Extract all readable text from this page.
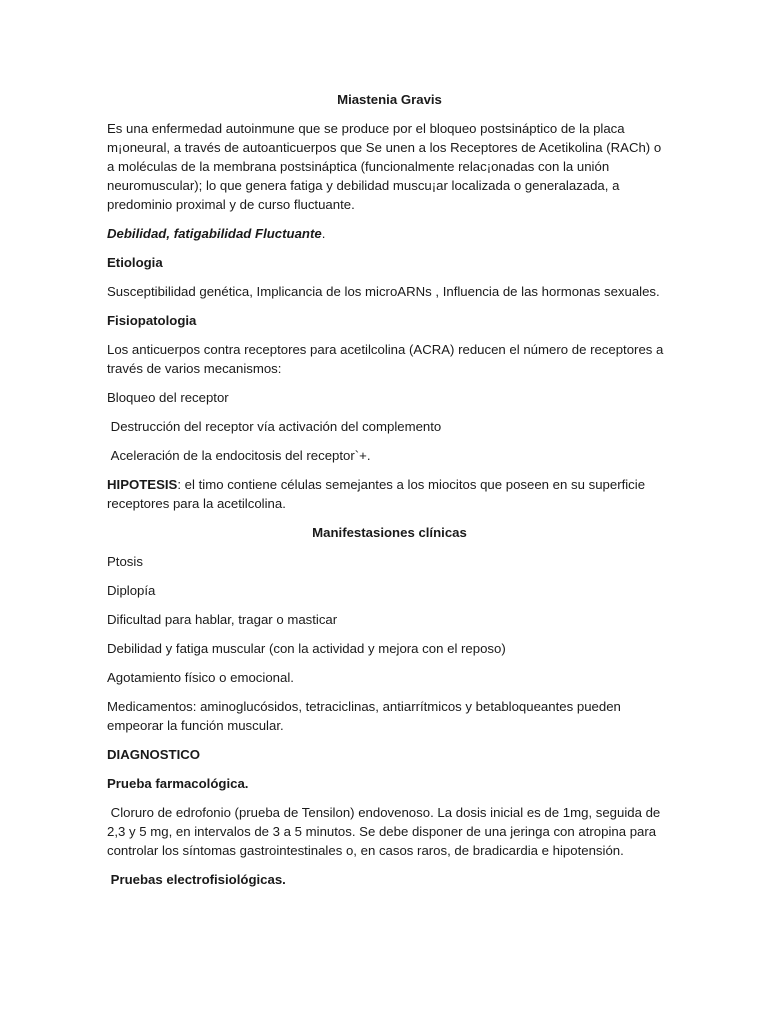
Miastenia Gravis

Es una enfermedad autoinmune que se produce por el bloqueo postsináptico de la placa m¡oneural, a través de autoanticuerpos que Se unen a los Receptores de Acetikolina (RACh) o a moléculas de la membrana postsináptica (funcionalmente relac¡onadas con la unión neuromuscular); lo que genera fatiga y debilidad muscu¡ar localizada o generalazada, a predominio proximal y de curso fluctuante.

Debilidad, fatigabilidad Fluctuante.

Etiologia

Susceptibilidad genética, Implicancia de los microARNs , Influencia de las hormonas sexuales.

Fisiopatologia

Los anticuerpos contra receptores para acetilcolina (ACRA) reducen el número de receptores a través de varios mecanismos:

Bloqueo del receptor

Destrucción del receptor vía activación del complemento

Aceleración de la endocitosis del receptor`+.

HIPOTESIS: el timo contiene células semejantes a los miocitos que poseen en su superficie receptores para la acetilcolina.

Manifestasiones clínicas

Ptosis

Diplopía

Dificultad para hablar, tragar o masticar

Debilidad y fatiga muscular (con la actividad y mejora con el reposo)

Agotamiento físico o emocional.

Medicamentos: aminoglucósidos, tetraciclinas, antiarrítmicos y betabloqueantes pueden empeorar la función muscular.

DIAGNOSTICO

Prueba farmacológica.

Cloruro de edrofonio (prueba de Tensilon) endovenoso. La dosis inicial es de 1mg, seguida de 2,3 y 5 mg, en intervalos de 3 a 5 minutos. Se debe disponer de una jeringa con atropina para controlar los síntomas gastrointestinales o, en casos raros, de bradicardia e hipotensión.

Pruebas electrofisiológicas.
